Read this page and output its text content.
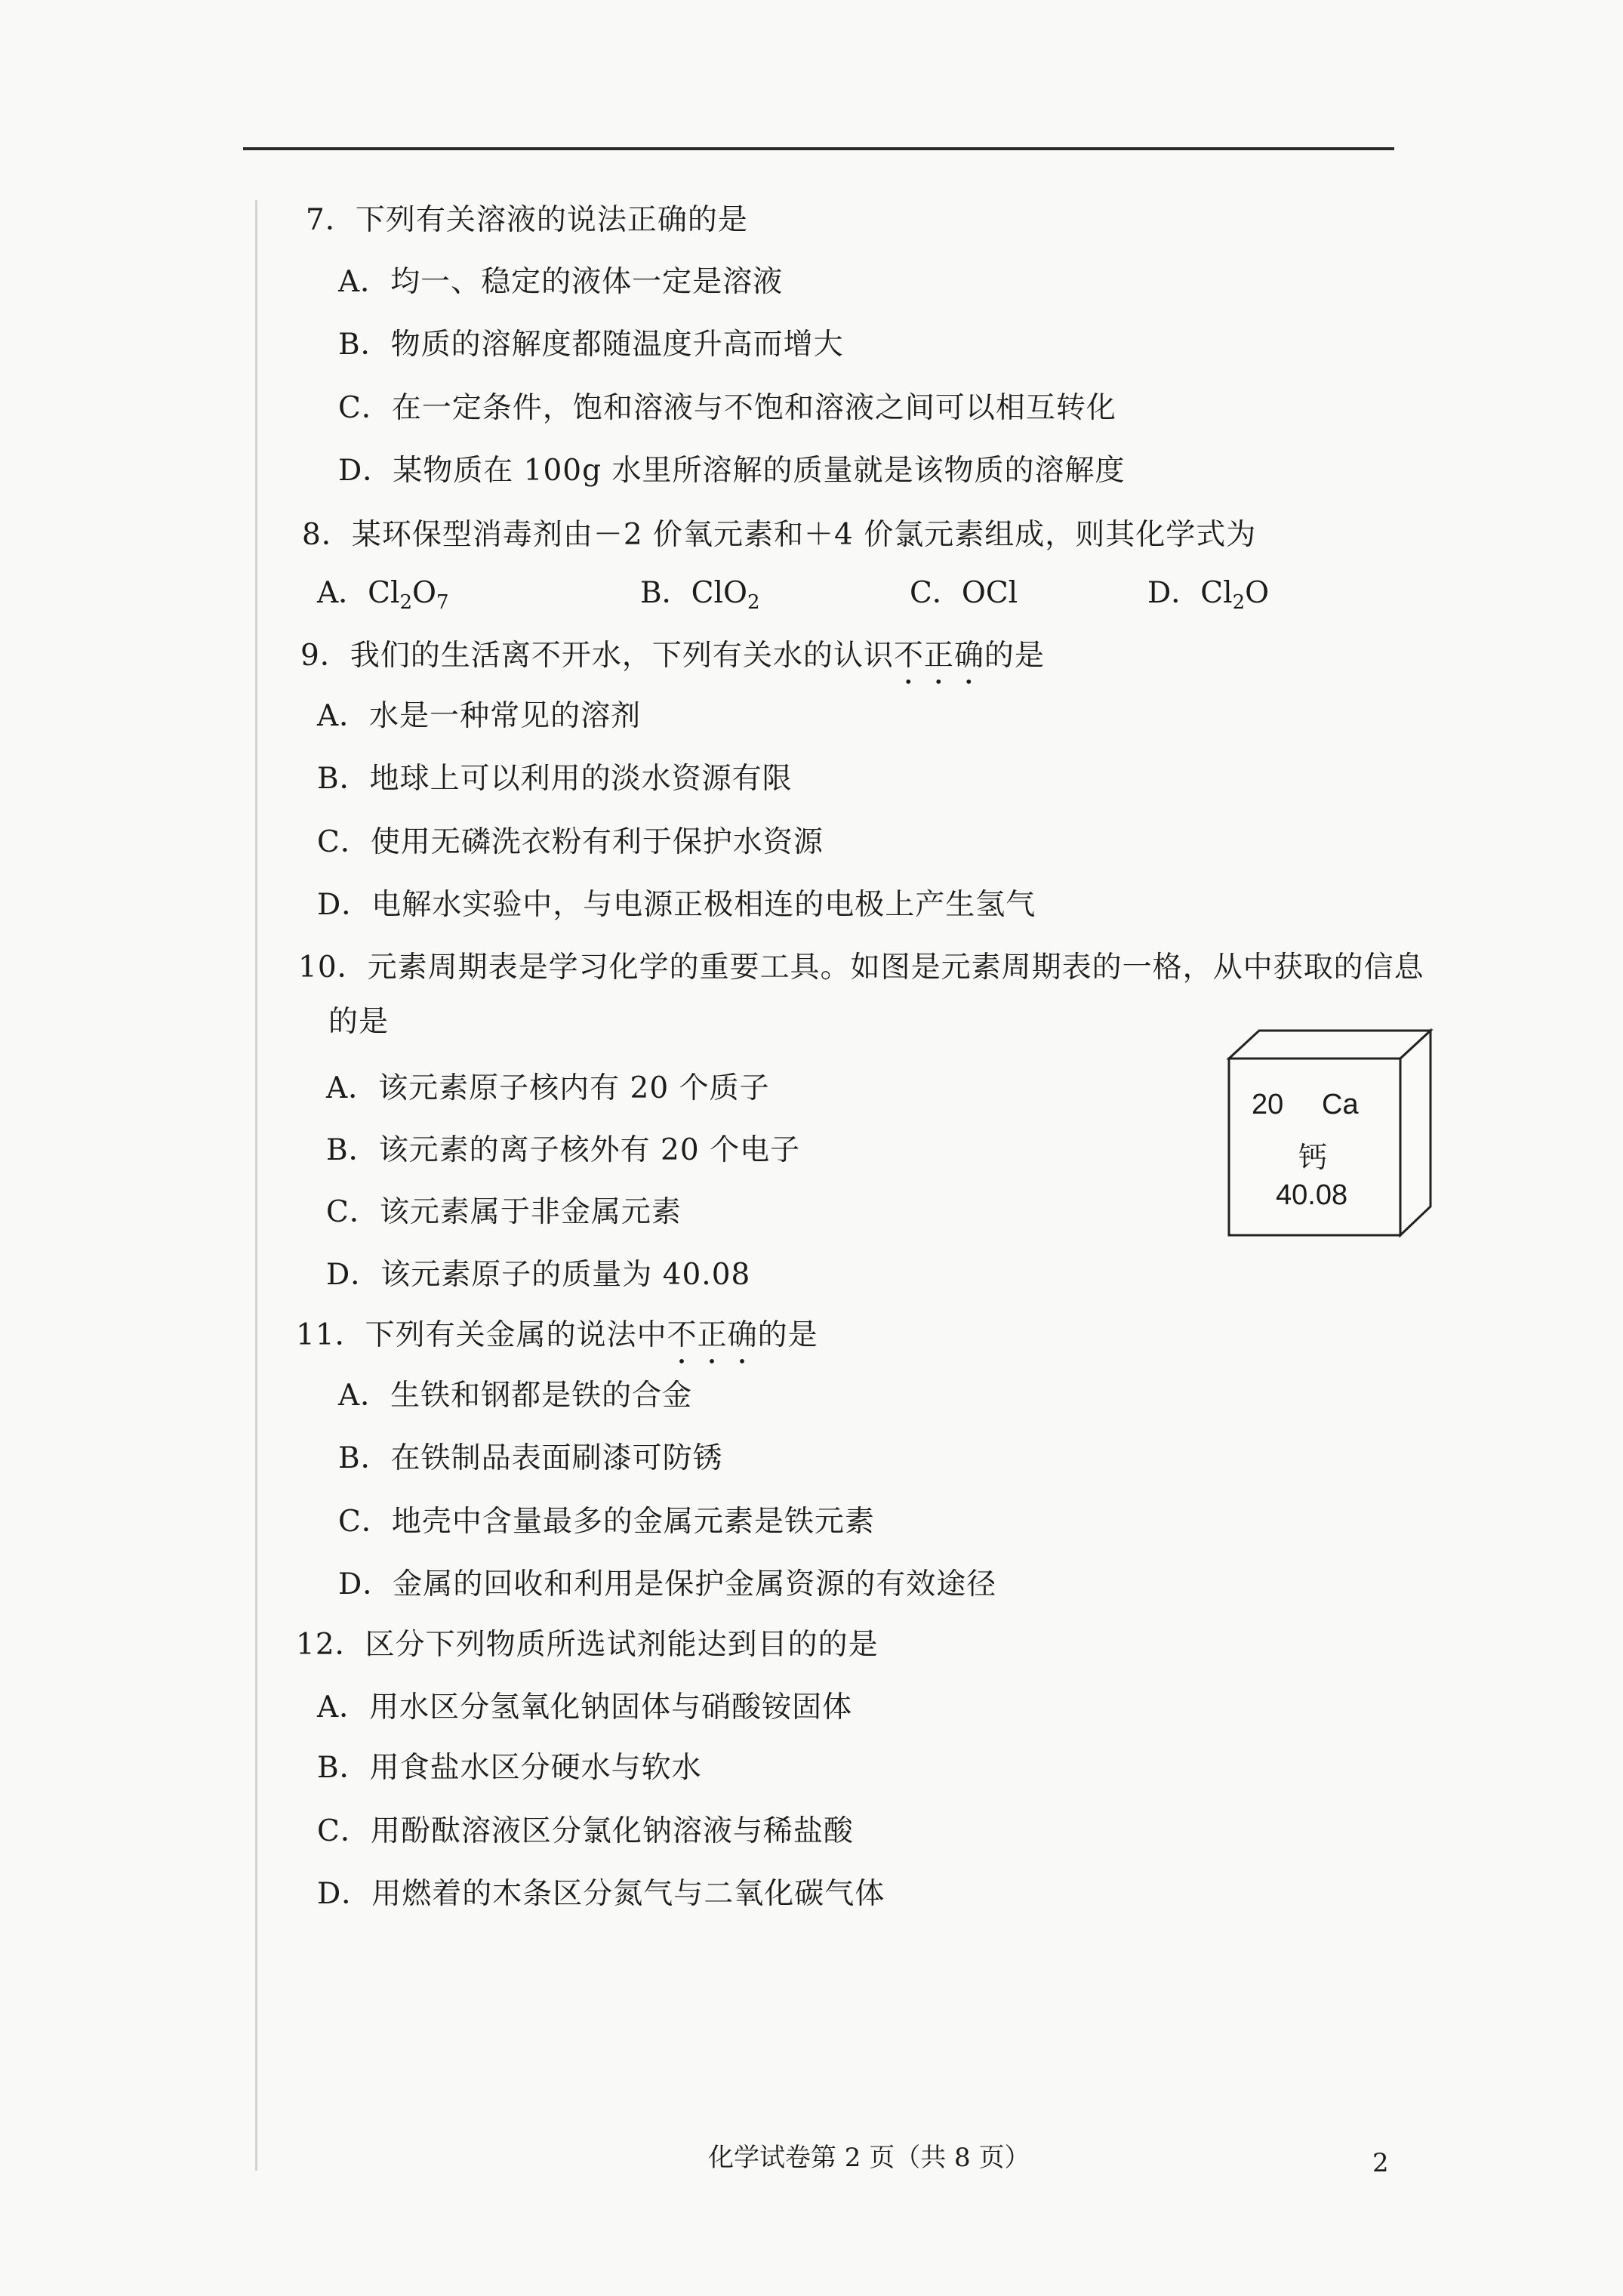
7．下列有关溶液的说法正确的是
A．均一、稳定的液体一定是溶液
B．物质的溶解度都随温度升高而增大
C．在一定条件，饱和溶液与不饱和溶液之间可以相互转化
D．某物质在 100g 水里所溶解的质量就是该物质的溶解度
8．某环保型消毒剂由－2 价氧元素和＋4 价氯元素组成，则其化学式为
A．$Cl_2O_7$	B．ClO$_2$	C．OCl	D．$Cl_2O$
9．我们的生活离不开水，下列有关水的认识不正确的是
A．水是一种常见的溶剂
B．地球上可以利用的淡水资源有限
C．使用无磷洗衣粉有利于保护水资源
D．电解水实验中，与电源正极相连的电极上产生氢气
10．元素周期表是学习化学的重要工具。如图是元素周期表的一格，从中获取的信息
的是
A．该元素原子核内有 20 个质子
B．该元素的离子核外有 20 个电子
C．该元素属于非金属元素
D．该元素原子的质量为 40.08
20 Ca
钙
40.08
11．下列有关金属的说法中不正确的是
A．生铁和钢都是铁的合金
B．在铁制品表面刷漆可防锈
C．地壳中含量最多的金属元素是铁元素
D．金属的回收和利用是保护金属资源的有效途径
12．区分下列物质所选试剂能达到目的的是
A．用水区分氢氧化钠固体与硝酸铵固体
B．用食盐水区分硬水与软水
C．用酚酞溶液区分氯化钠溶液与稀盐酸
D．用燃着的木条区分氮气与二氧化碳气体
化学试卷第 2 页（共 8 页）	2
